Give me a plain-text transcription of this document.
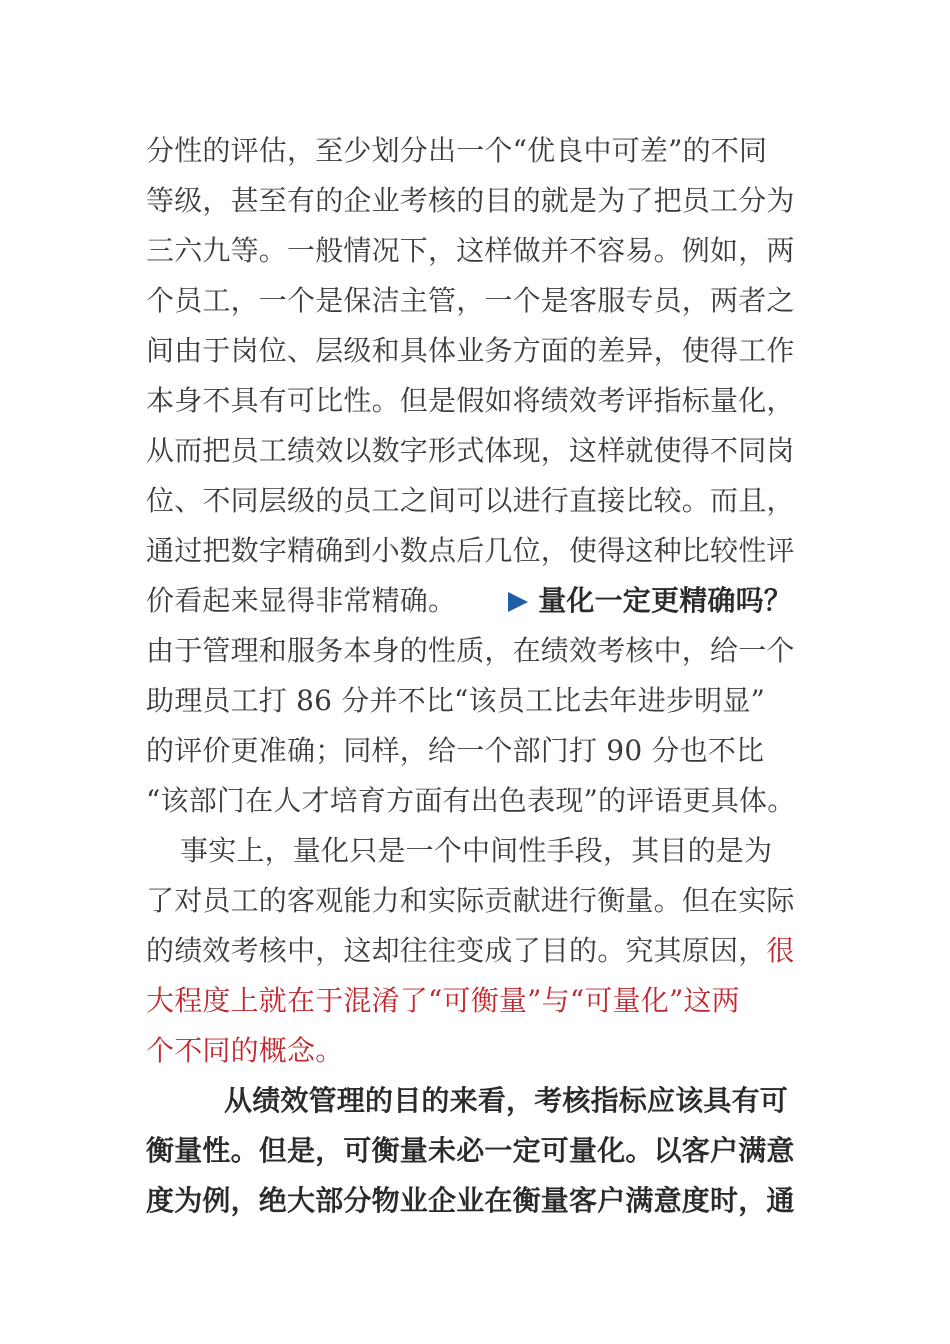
分性的评估，至少划分出一个“优良中可差”的不同
等级，甚至有的企业考核的目的就是为了把员工分为
三六九等。一般情况下，这样做并不容易。例如，两
个员工，一个是保洁主管，一个是客服专员，两者之
间由于岗位、层级和具体业务方面的差异，使得工作
本身不具有可比性。但是假如将绩效考评指标量化，
从而把员工绩效以数字形式体现，这样就使得不同岗
位、不同层级的员工之间可以进行直接比较。而且，
通过把数字精确到小数点后几位，使得这种比较性评
价看起来显得非常精确。	量化一定更精确吗？
由于管理和服务本身的性质，在绩效考核中，给一个
助理员工打 86 分并不比“该员工比去年进步明显”
的评价更准确；同样，给一个部门打 90 分也不比
“该部门在人才培育方面有出色表现”的评语更具体。
事实上，量化只是一个中间性手段，其目的是为
了对员工的客观能力和实际贡献进行衡量。但在实际
的绩效考核中，这却往往变成了目的。究其原因，很
大程度上就在于混淆了“可衡量”与“可量化”这两
个不同的概念。
从绩效管理的目的来看，考核指标应该具有可
衡量性。但是，可衡量未必一定可量化。以客户满意
度为例，绝大部分物业企业在衡量客户满意度时，通
